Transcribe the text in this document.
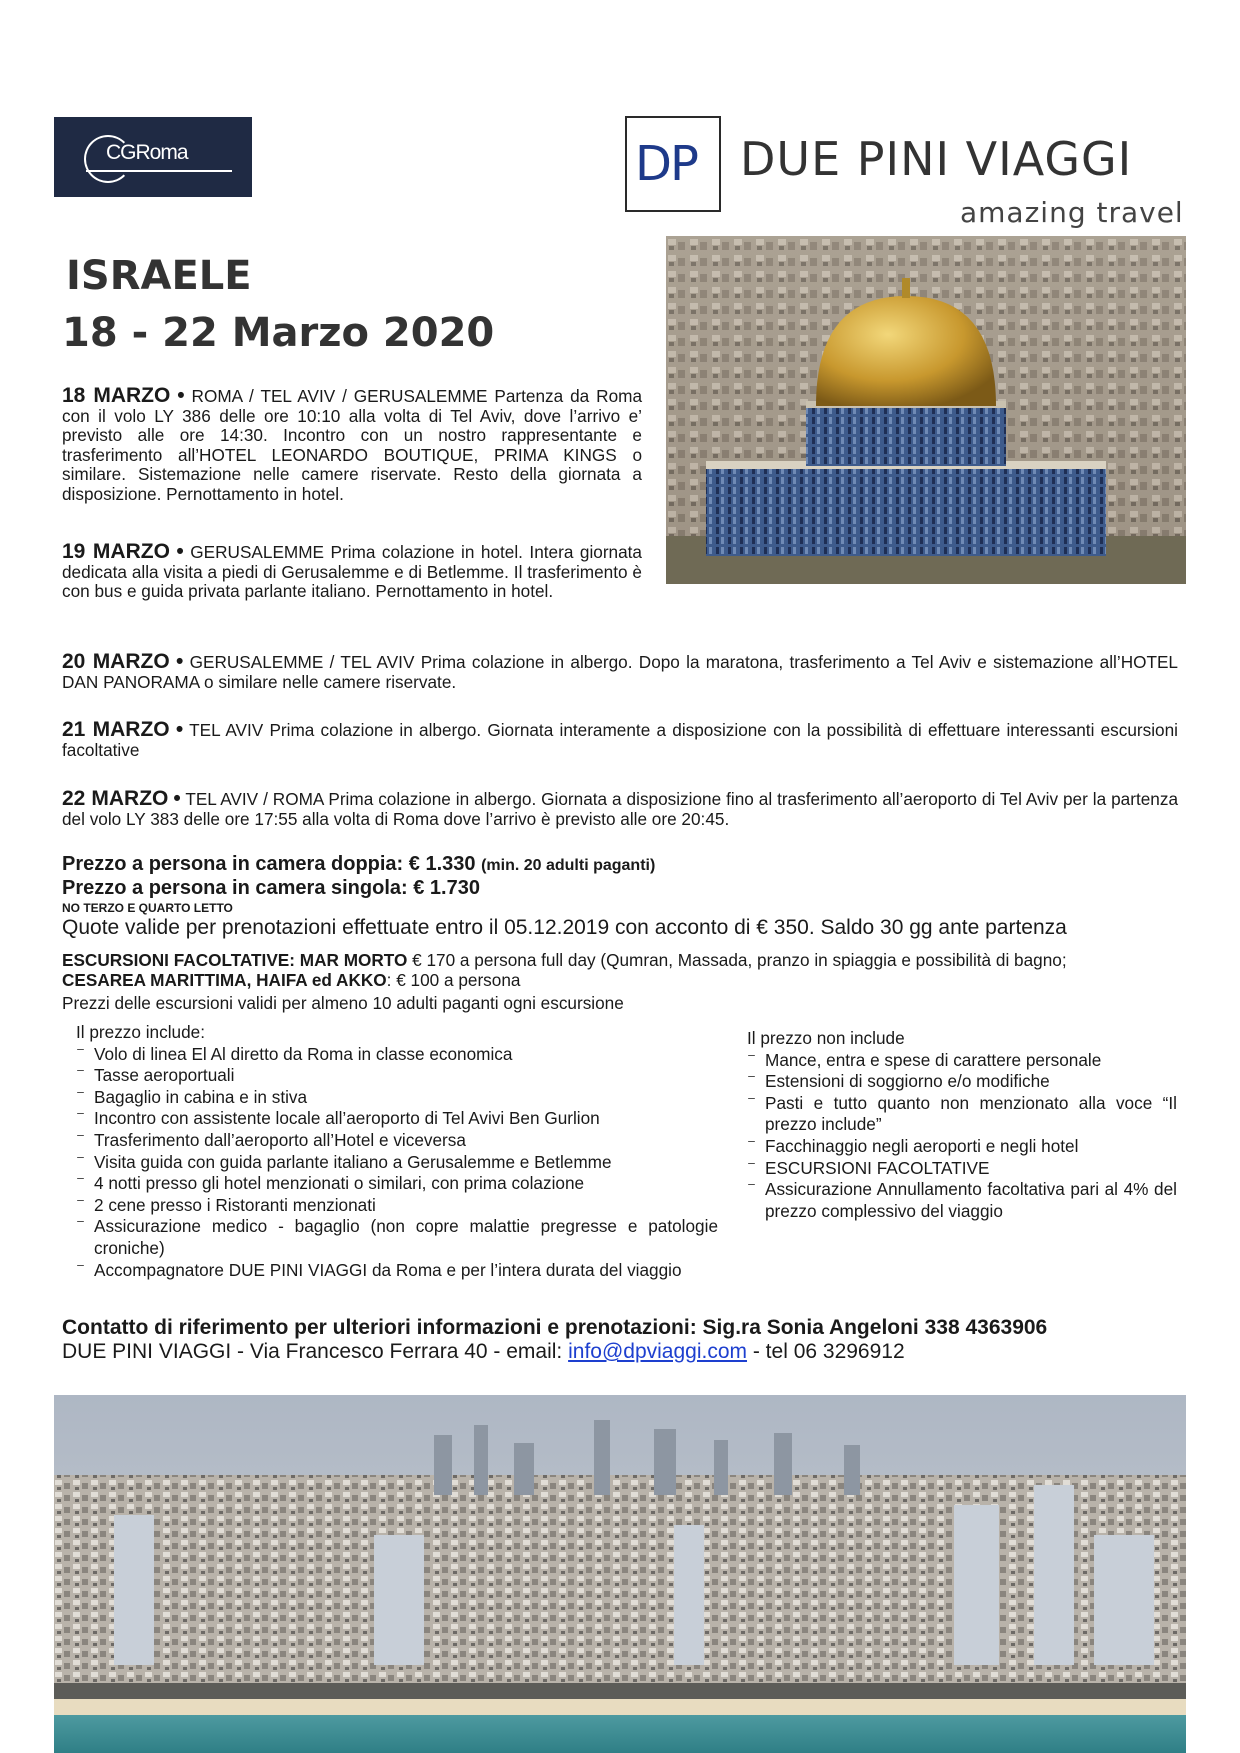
CGRoma	DP DUE PINI VIAGGI
amazing travel
ISRAELE
18 - 22 Marzo 2020
18 MARZO • ROMA / TEL AVIV / GERUSALEMME Partenza da Roma con il volo LY 386 delle ore 10:10 alla volta di Tel Aviv, dove l’arrivo e’ previsto alle ore 14:30. Incontro con un nostro rappresentante e trasferimento all’HOTEL LEONARDO BOUTIQUE, PRIMA KINGS o similare. Sistemazione nelle camere riservate. Resto della giornata a disposizione. Pernottamento in hotel.
19 MARZO • GERUSALEMME Prima colazione in hotel. Intera giornata dedicata alla visita a piedi di Gerusalemme e di Betlemme. Il trasferimento è con bus e guida privata parlante italiano. Pernottamento in hotel.
20 MARZO • GERUSALEMME / TEL AVIV Prima colazione in albergo. Dopo la maratona, trasferimento a Tel Aviv e sistemazione all’HOTEL DAN PANORAMA o similare nelle camere riservate.
21 MARZO • TEL AVIV Prima colazione in albergo. Giornata interamente a disposizione con la possibilità di effettuare interessanti escursioni facoltative
22 MARZO • TEL AVIV / ROMA Prima colazione in albergo. Giornata a disposizione fino al trasferimento all’aeroporto di Tel Aviv per la partenza del volo LY 383 delle ore 17:55 alla volta di Roma dove l’arrivo è previsto alle ore 20:45.
Prezzo a persona in camera doppia: € 1.330 (min. 20 adulti paganti)
Prezzo a persona in camera singola: € 1.730
NO TERZO E QUARTO LETTO
Quote valide per prenotazioni effettuate entro il 05.12.2019 con acconto di € 350. Saldo 30 gg ante partenza
ESCURSIONI FACOLTATIVE: MAR MORTO € 170 a persona full day (Qumran, Massada, pranzo in spiaggia e possibilità di bagno;
CESAREA MARITTIMA, HAIFA ed AKKO: € 100 a persona
Prezzi delle escursioni validi per almeno 10 adulti paganti ogni escursione
Il prezzo include:
⁻ Volo di linea El Al diretto da Roma in classe economica
⁻ Tasse aeroportuali
⁻ Bagaglio in cabina e in stiva
⁻ Incontro con assistente locale all’aeroporto di Tel Avivi Ben Gurlion
⁻ Trasferimento dall’aeroporto all’Hotel e viceversa
⁻ Visita guida con guida parlante italiano a Gerusalemme e Betlemme
⁻ 4 notti presso gli hotel menzionati o similari, con prima colazione
⁻ 2 cene presso i Ristoranti menzionati
⁻ Assicurazione medico - bagaglio (non copre malattie pregresse e patologie croniche)
⁻ Accompagnatore DUE PINI VIAGGI da Roma e per l’intera durata del viaggio
Il prezzo non include
⁻ Mance, entra e spese di carattere personale
⁻ Estensioni di soggiorno e/o modifiche
⁻ Pasti e tutto quanto non menzionato alla voce “Il prezzo include”
⁻ Facchinaggio negli aeroporti e negli hotel
⁻ ESCURSIONI FACOLTATIVE
⁻ Assicurazione Annullamento facoltativa pari al 4% del prezzo complessivo del viaggio
Contatto di riferimento per ulteriori informazioni e prenotazioni: Sig.ra Sonia Angeloni 338 4363906
DUE PINI VIAGGI - Via Francesco Ferrara 40 - email: info@dpviaggi.com - tel 06 3296912
